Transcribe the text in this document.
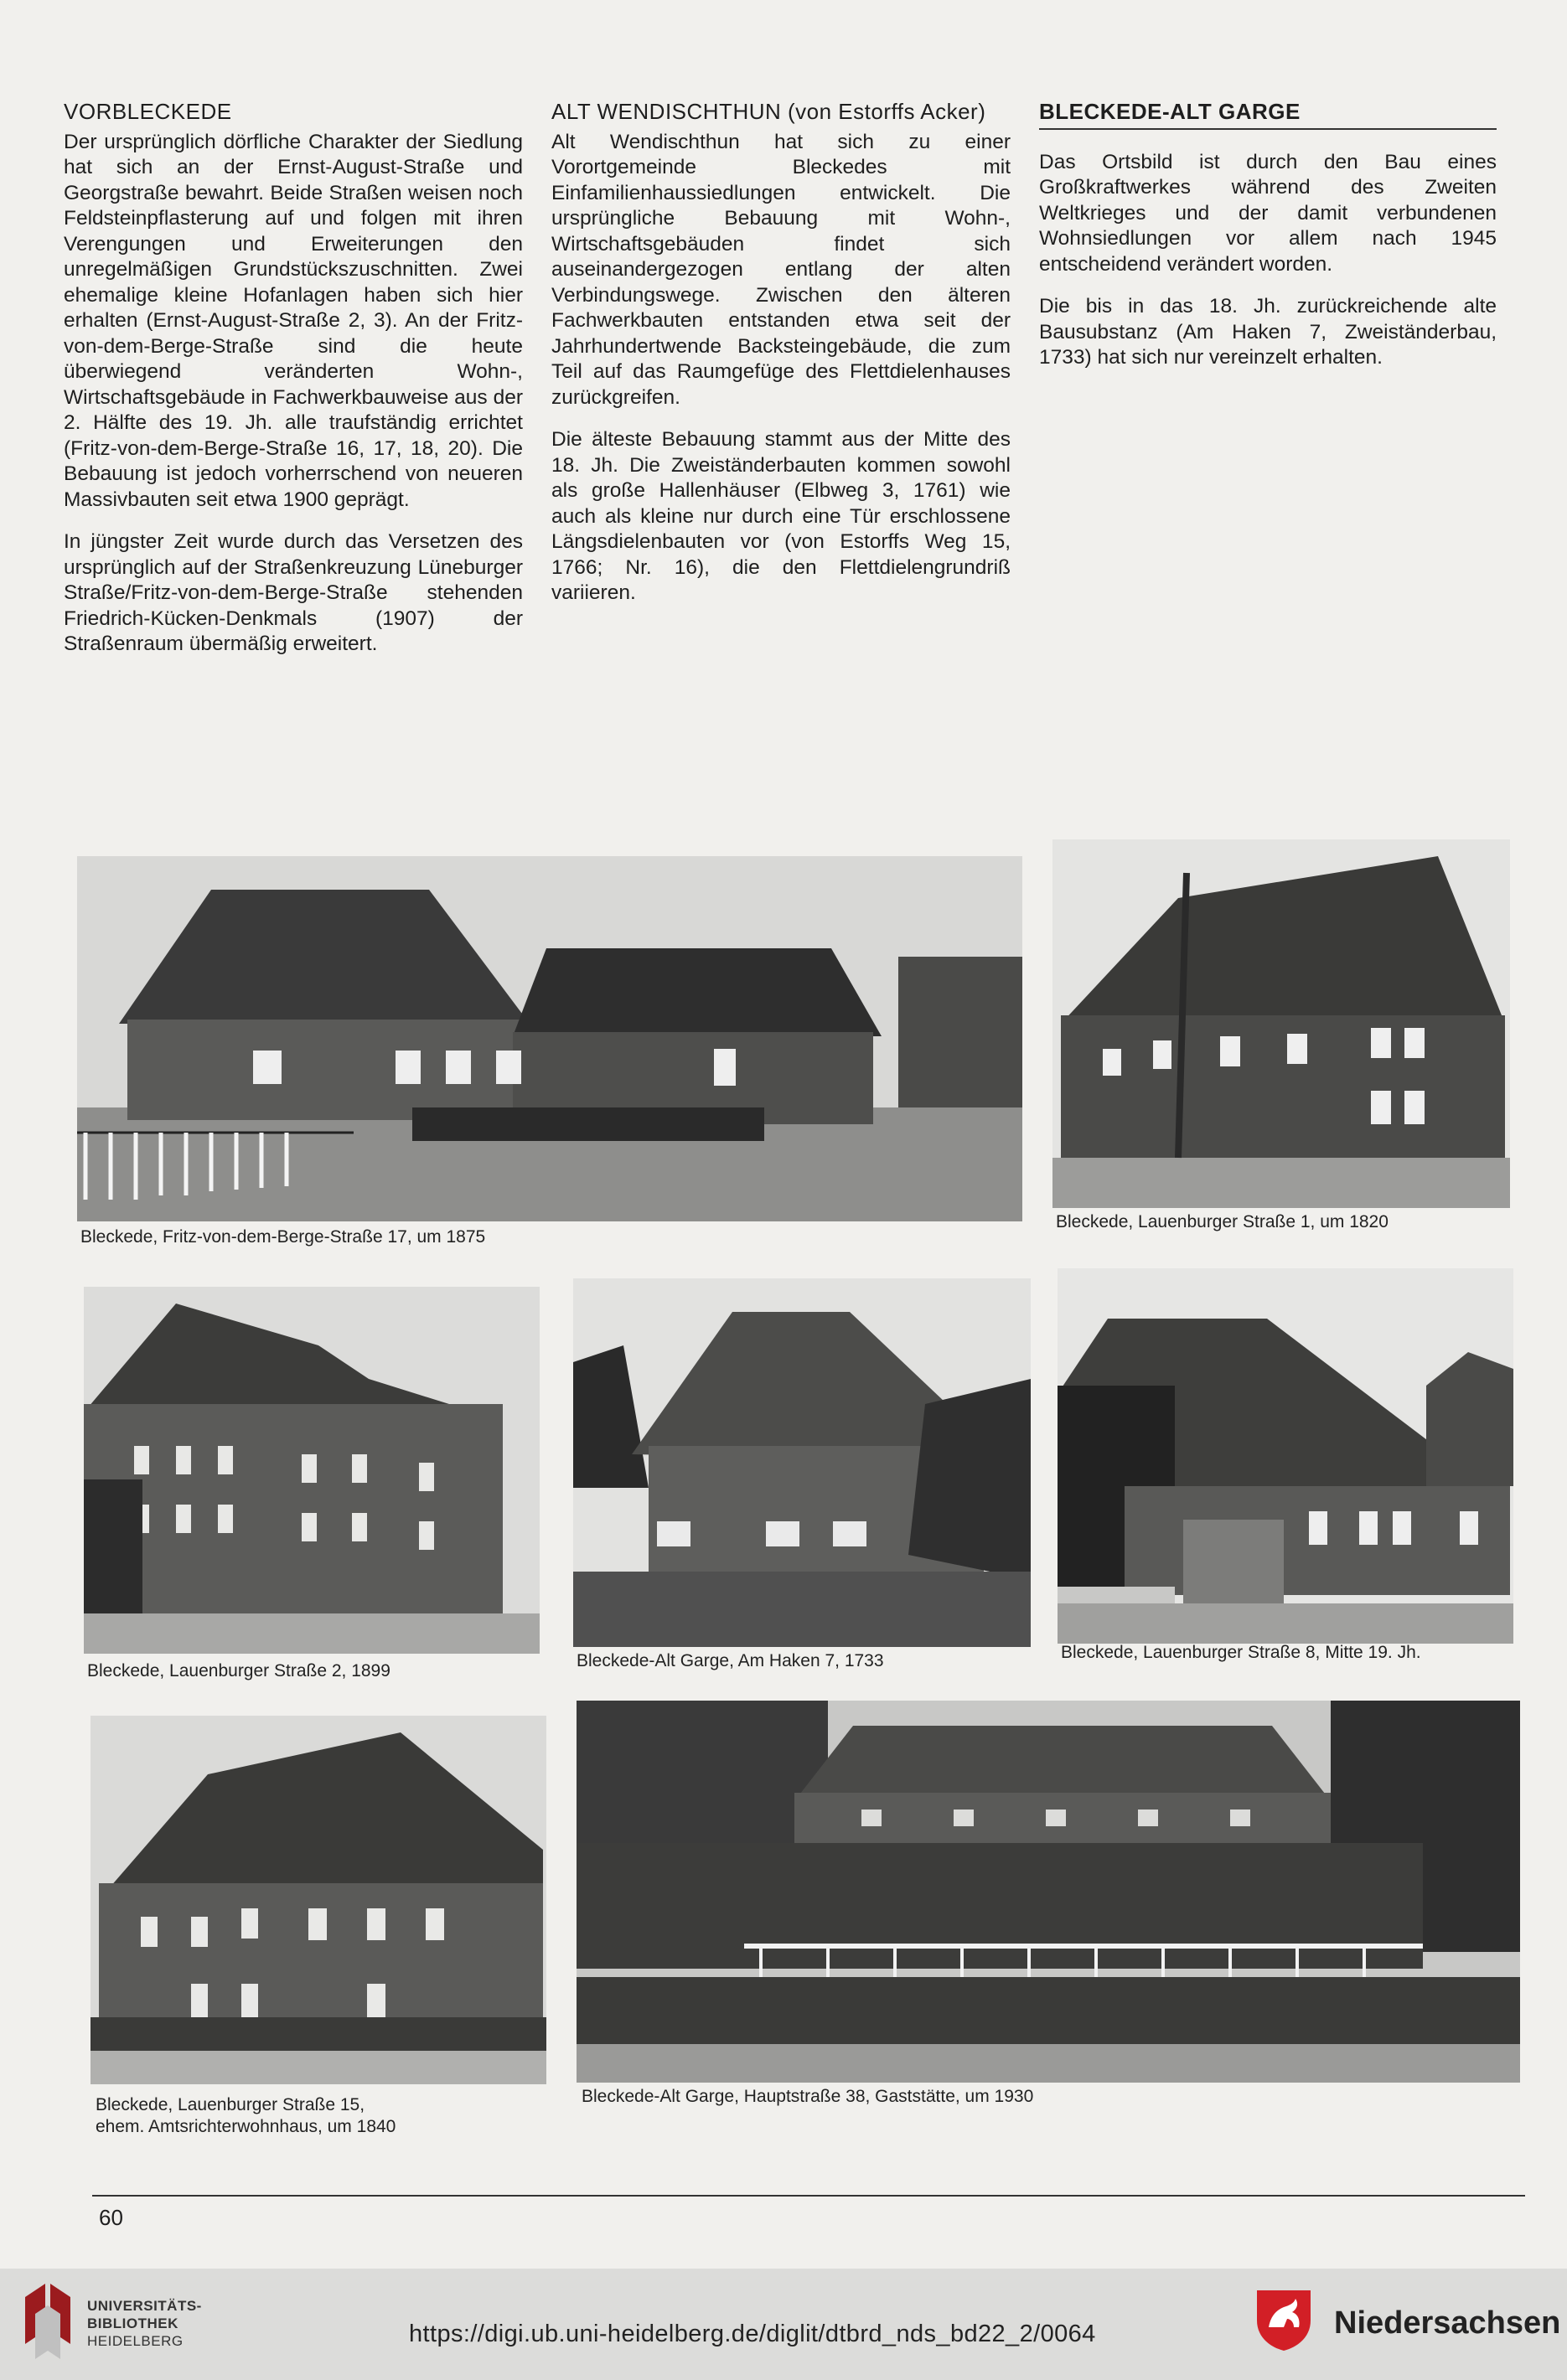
VORBLECKEDE

Der ursprünglich dörfliche Charakter der Siedlung hat sich an der Ernst-August-Straße und Georgstraße bewahrt. Beide Straßen weisen noch Feldsteinpflasterung auf und folgen mit ihren Verengungen und Erweiterungen den unregelmäßigen Grundstückszuschnitten. Zwei ehemalige kleine Hofanlagen haben sich hier erhalten (Ernst-August-Straße 2, 3). An der Fritz-von-dem-Berge-Straße sind die heute überwiegend veränderten Wohn-, Wirtschaftsgebäude in Fachwerkbauweise aus der 2. Hälfte des 19. Jh. alle traufständig errichtet (Fritz-von-dem-Berge-Straße 16, 17, 18, 20). Die Bebauung ist jedoch vorherrschend von neueren Massivbauten seit etwa 1900 geprägt.

In jüngster Zeit wurde durch das Versetzen des ursprünglich auf der Straßenkreuzung Lüneburger Straße/Fritz-von-dem-Berge-Straße stehenden Friedrich-Kücken-Denkmals (1907) der Straßenraum übermäßig erweitert.

ALT WENDISCHTHUN (von Estorffs Acker)

Alt Wendischthun hat sich zu einer Vorortgemeinde Bleckedes mit Einfamilienhaussiedlungen entwickelt. Die ursprüngliche Bebauung mit Wohn-, Wirtschaftsgebäuden findet sich auseinandergezogen entlang der alten Verbindungswege. Zwischen den älteren Fachwerkbauten entstanden etwa seit der Jahrhundertwende Backsteingebäude, die zum Teil auf das Raumgefüge des Flettdielenhauses zurückgreifen.

Die älteste Bebauung stammt aus der Mitte des 18. Jh. Die Zweiständerbauten kommen sowohl als große Hallenhäuser (Elbweg 3, 1761) wie auch als kleine nur durch eine Tür erschlossene Längsdielenbauten vor (von Estorffs Weg 15, 1766; Nr. 16), die den Flettdielengrundriß variieren.

BLECKEDE-ALT GARGE

Das Ortsbild ist durch den Bau eines Großkraftwerkes während des Zweiten Weltkrieges und der damit verbundenen Wohnsiedlungen vor allem nach 1945 entscheidend verändert worden.

Die bis in das 18. Jh. zurückreichende alte Bausubstanz (Am Haken 7, Zweiständerbau, 1733) hat sich nur vereinzelt erhalten.

Bleckede, Fritz-von-dem-Berge-Straße 17, um 1875
Bleckede, Lauenburger Straße 1, um 1820
Bleckede, Lauenburger Straße 2, 1899
Bleckede-Alt Garge, Am Haken 7, 1733	Bleckede, Lauenburger Straße 8, Mitte 19. Jh.
Bleckede, Lauenburger Straße 15,
ehem. Amtsrichterwohnhaus, um 1840
Bleckede-Alt Garge, Hauptstraße 38, Gaststätte, um 1930
60
UNIVERSITÄTS-
BIBLIOTHEK
HEIDELBERG	https://digi.ub.uni-heidelberg.de/diglit/dtbrd_nds_bd22_2/0064	Niedersachsen
